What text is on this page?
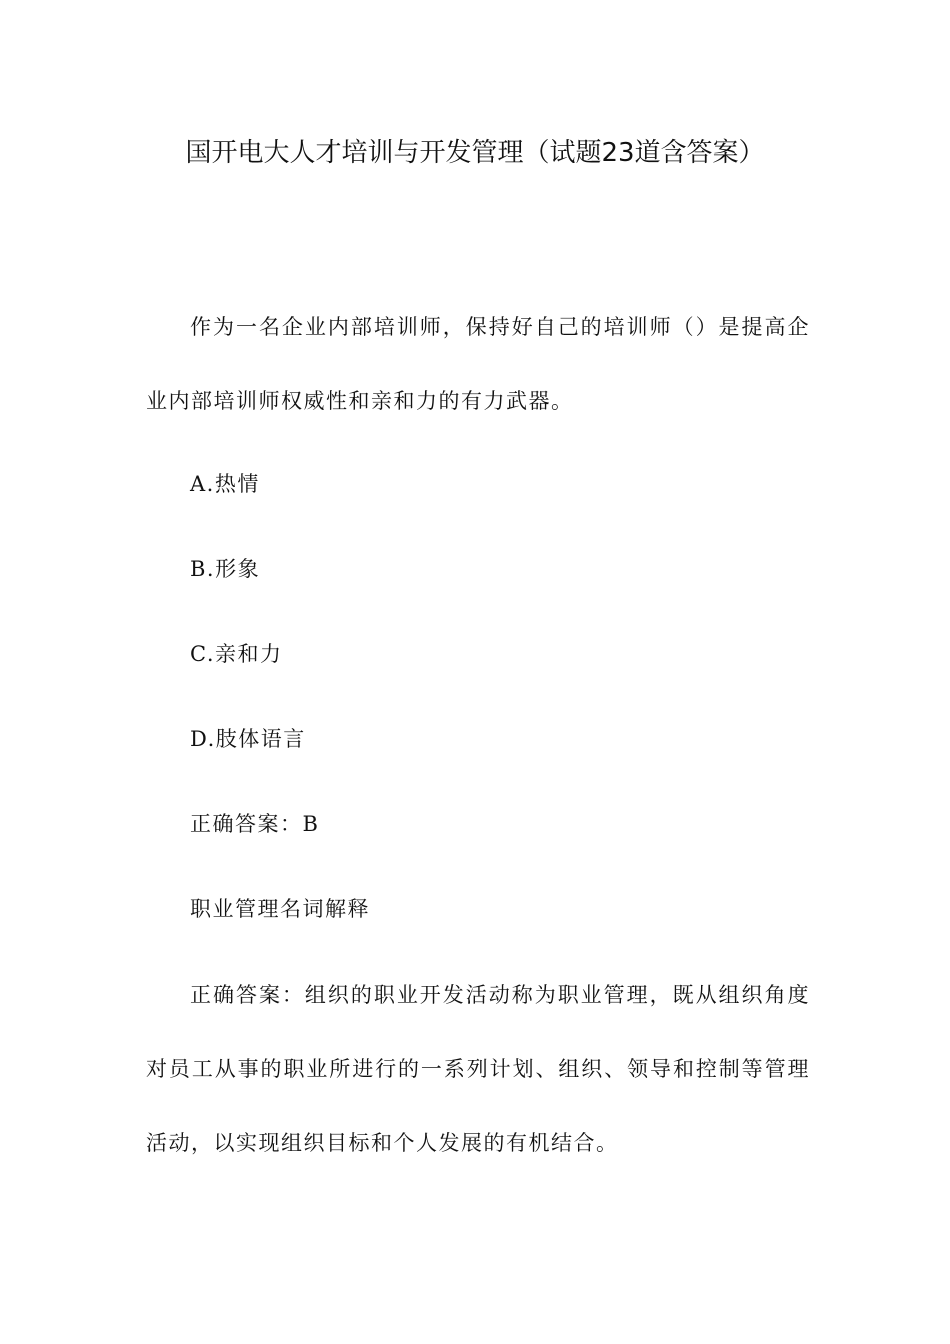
国开电大人才培训与开发管理（试题23道含答案）
作为一名企业内部培训师，保持好自己的培训师（）是提高企业内部培训师权威性和亲和力的有力武器。
A.热情
B.形象
C.亲和力
D.肢体语言
正确答案：B
职业管理名词解释
正确答案：组织的职业开发活动称为职业管理，既从组织角度对员工从事的职业所进行的一系列计划、组织、领导和控制等管理活动，以实现组织目标和个人发展的有机结合。
